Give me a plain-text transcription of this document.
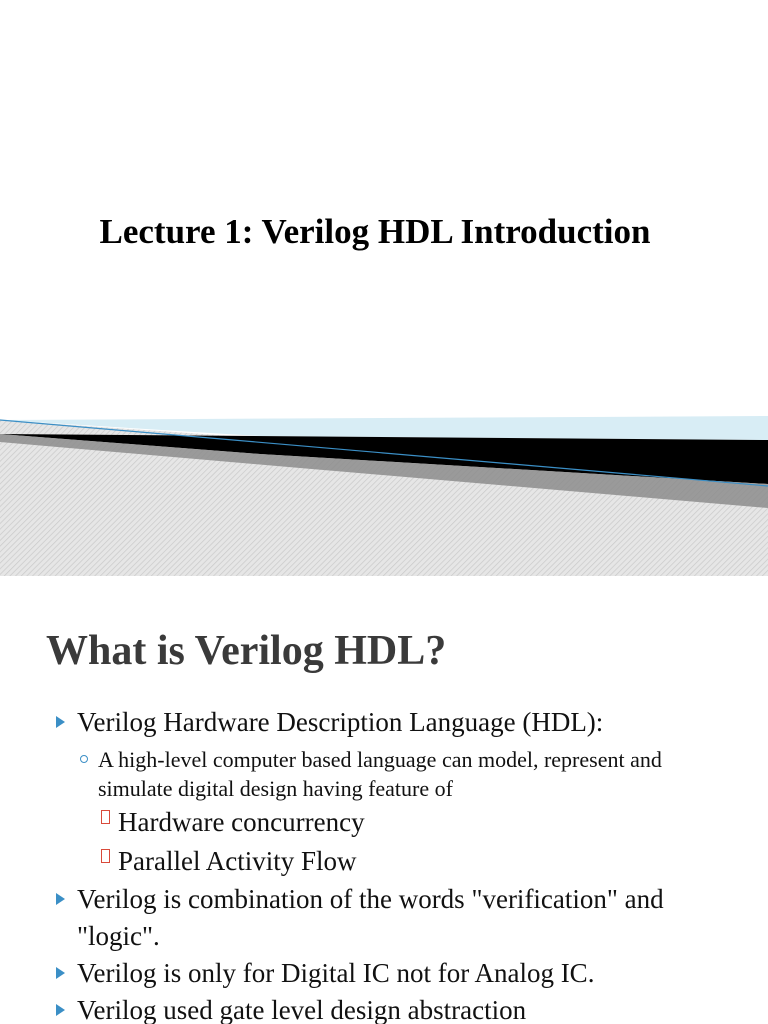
Lecture 1: Verilog HDL Introduction
What is Verilog HDL?
Verilog Hardware Description Language (HDL):
A high-level computer based language can model, represent and simulate digital design having feature of
Hardware concurrency
Parallel Activity Flow
Verilog is combination of the words "verification" and "logic".
Verilog is only for Digital IC not for Analog IC.
Verilog used gate level design abstraction
